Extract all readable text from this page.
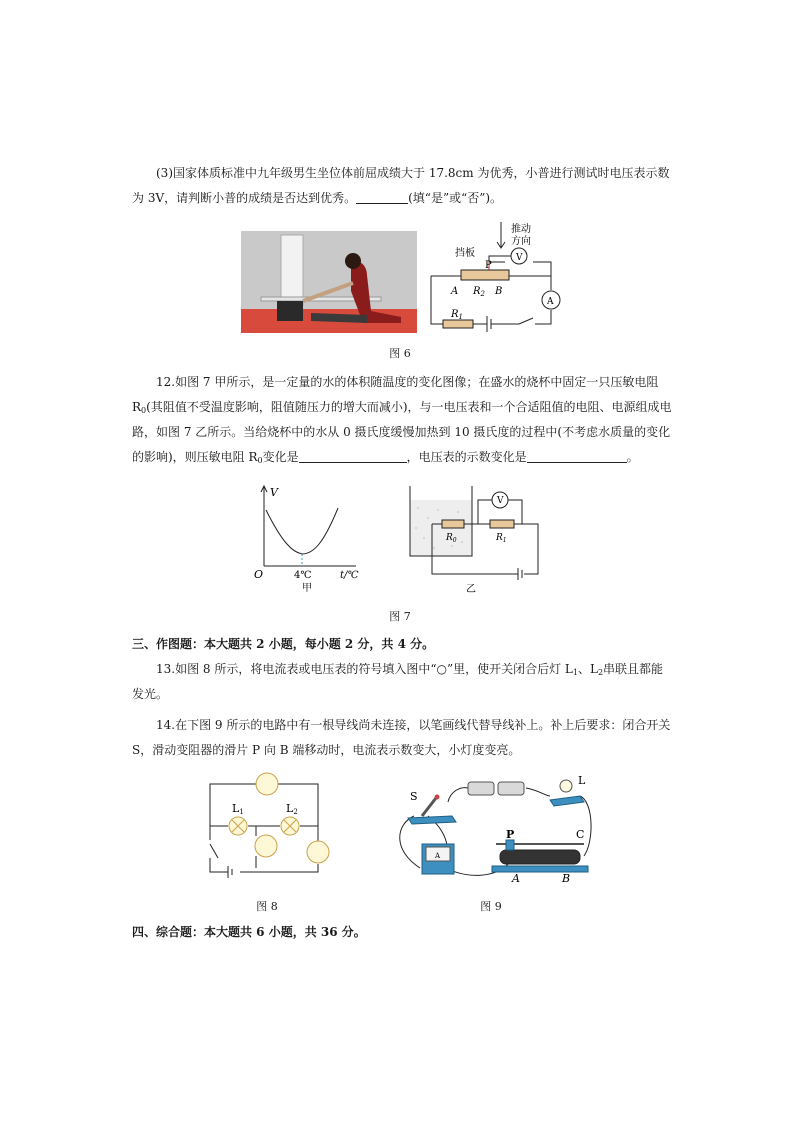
(3)国家体质标准中九年级男生坐位体前屈成绩大于 17.8cm 为优秀，小普进行测试时电压表示数
为 3V，请判断小普的成绩是否达到优秀。	(填“是”或“否”)。
推动
方向
挡板
P
V
A
A $R_2$ B
$R_1$
图 6
12.如图 7 甲所示，是一定量的水的体积随温度的变化图像；在盛水的烧杯中固定一只压敏电阻
$R_0$(其阻值不受温度影响，阻值随压力的增大而减小)，与一电压表和一个合适阻值的电阻、电源组成电
路，如图 7 乙所示。当给烧杯中的水从 0 摄氏度缓慢加热到 10 摄氏度的过程中(不考虑水质量的变化
的影响)，则压敏电阻 $R_0$变化是	，电压表的示数变化是	。
V
O	4℃	t/℃
甲
V
$R_0$	$R_1$
乙
图 7
三、作图题：本大题共 2 小题，每小题 2 分，共 4 分。
13.如图 8 所示，将电流表或电压表的符号填入图中“○”里，使开关闭合后灯 $L_1$、$L_2$串联且都能
发光。
14.在下图 9 所示的电路中有一根导线尚未连接，以笔画线代替导线补上。补上后要求：闭合开关
S，滑动变阻器的滑片 P 向 B 端移动时，电流表示数变大，小灯度变亮。
L1	L2
图 8
S
L
A
P	C
A	B
图 9
四、综合题：本大题共 6 小题，共 36 分。
